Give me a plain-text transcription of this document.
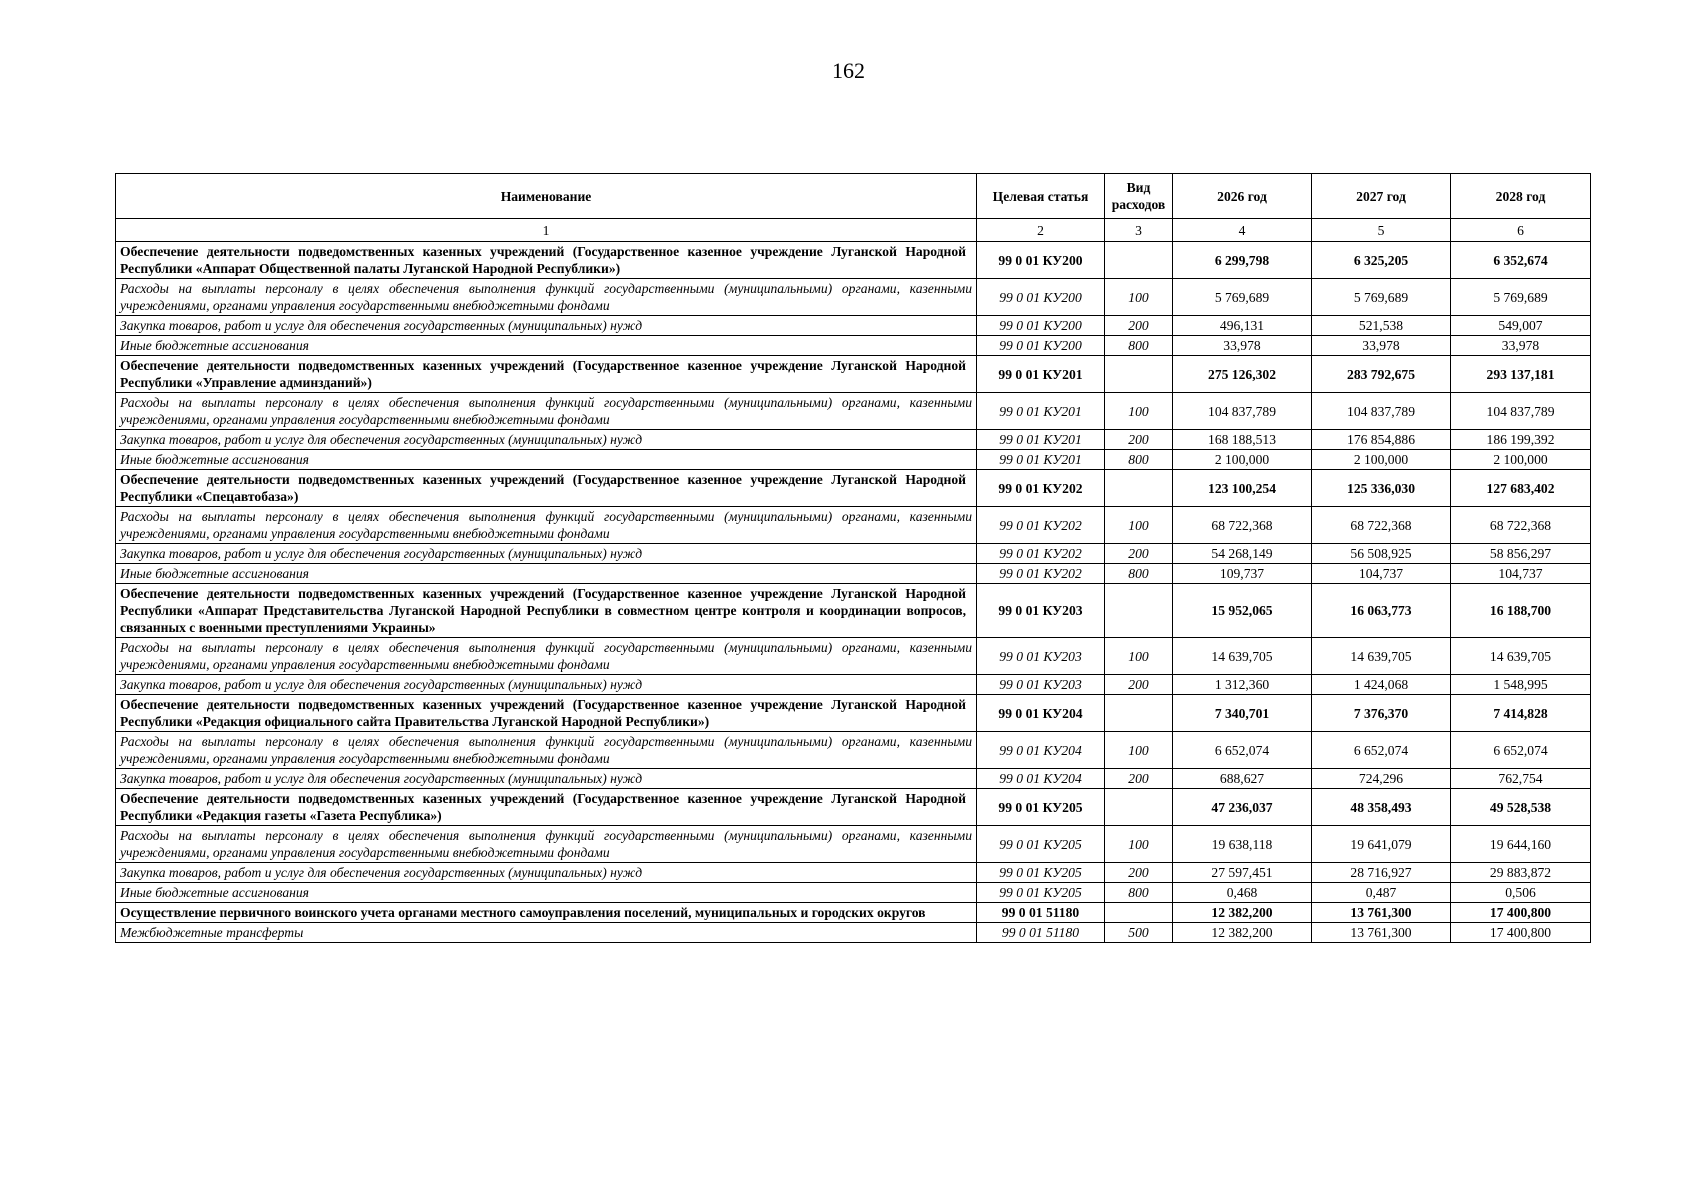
162
Наименование	Целевая статья	Вид расходов	2026 год	2027 год	2028 год
1	2	3	4	5	6
Обеспечение деятельности подведомственных казенных учреждений (Государственное казенное учреждение Луганской Народной Республики «Аппарат Общественной палаты Луганской Народной Республики»)	99 0 01 КУ200		6 299,798	6 325,205	6 352,674
Расходы на выплаты персоналу в целях обеспечения выполнения функций государственными (муниципальными) органами, казенными учреждениями, органами управления государственными внебюджетными фондами	99 0 01 КУ200	100	5 769,689	5 769,689	5 769,689
Закупка товаров, работ и услуг для обеспечения государственных (муниципальных) нужд	99 0 01 КУ200	200	496,131	521,538	549,007
Иные бюджетные ассигнования	99 0 01 КУ200	800	33,978	33,978	33,978
Обеспечение деятельности подведомственных казенных учреждений (Государственное казенное учреждение Луганской Народной Республики «Управление админзданий»)	99 0 01 КУ201		275 126,302	283 792,675	293 137,181
Расходы на выплаты персоналу в целях обеспечения выполнения функций государственными (муниципальными) органами, казенными учреждениями, органами управления государственными внебюджетными фондами	99 0 01 КУ201	100	104 837,789	104 837,789	104 837,789
Закупка товаров, работ и услуг для обеспечения государственных (муниципальных) нужд	99 0 01 КУ201	200	168 188,513	176 854,886	186 199,392
Иные бюджетные ассигнования	99 0 01 КУ201	800	2 100,000	2 100,000	2 100,000
Обеспечение деятельности подведомственных казенных учреждений (Государственное казенное учреждение Луганской Народной Республики «Спецавтобаза»)	99 0 01 КУ202		123 100,254	125 336,030	127 683,402
Расходы на выплаты персоналу в целях обеспечения выполнения функций государственными (муниципальными) органами, казенными учреждениями, органами управления государственными внебюджетными фондами	99 0 01 КУ202	100	68 722,368	68 722,368	68 722,368
Закупка товаров, работ и услуг для обеспечения государственных (муниципальных) нужд	99 0 01 КУ202	200	54 268,149	56 508,925	58 856,297
Иные бюджетные ассигнования	99 0 01 КУ202	800	109,737	104,737	104,737
Обеспечение деятельности подведомственных казенных учреждений (Государственное казенное учреждение Луганской Народной Республики «Аппарат Представительства Луганской Народной Республики в совместном центре контроля и координации вопросов, связанных с военными преступлениями Украины»	99 0 01 КУ203		15 952,065	16 063,773	16 188,700
Расходы на выплаты персоналу в целях обеспечения выполнения функций государственными (муниципальными) органами, казенными учреждениями, органами управления государственными внебюджетными фондами	99 0 01 КУ203	100	14 639,705	14 639,705	14 639,705
Закупка товаров, работ и услуг для обеспечения государственных (муниципальных) нужд	99 0 01 КУ203	200	1 312,360	1 424,068	1 548,995
Обеспечение деятельности подведомственных казенных учреждений (Государственное казенное учреждение Луганской Народной Республики «Редакция официального сайта Правительства Луганской Народной Республики»)	99 0 01 КУ204		7 340,701	7 376,370	7 414,828
Расходы на выплаты персоналу в целях обеспечения выполнения функций государственными (муниципальными) органами, казенными учреждениями, органами управления государственными внебюджетными фондами	99 0 01 КУ204	100	6 652,074	6 652,074	6 652,074
Закупка товаров, работ и услуг для обеспечения государственных (муниципальных) нужд	99 0 01 КУ204	200	688,627	724,296	762,754
Обеспечение деятельности подведомственных казенных учреждений (Государственное казенное учреждение Луганской Народной Республики «Редакция газеты «Газета Республика»)	99 0 01 КУ205		47 236,037	48 358,493	49 528,538
Расходы на выплаты персоналу в целях обеспечения выполнения функций государственными (муниципальными) органами, казенными учреждениями, органами управления государственными внебюджетными фондами	99 0 01 КУ205	100	19 638,118	19 641,079	19 644,160
Закупка товаров, работ и услуг для обеспечения государственных (муниципальных) нужд	99 0 01 КУ205	200	27 597,451	28 716,927	29 883,872
Иные бюджетные ассигнования	99 0 01 КУ205	800	0,468	0,487	0,506
Осуществление первичного воинского учета органами местного самоуправления поселений, муниципальных и городских округов	99 0 01 51180		12 382,200	13 761,300	17 400,800
Межбюджетные трансферты	99 0 01 51180	500	12 382,200	13 761,300	17 400,800
